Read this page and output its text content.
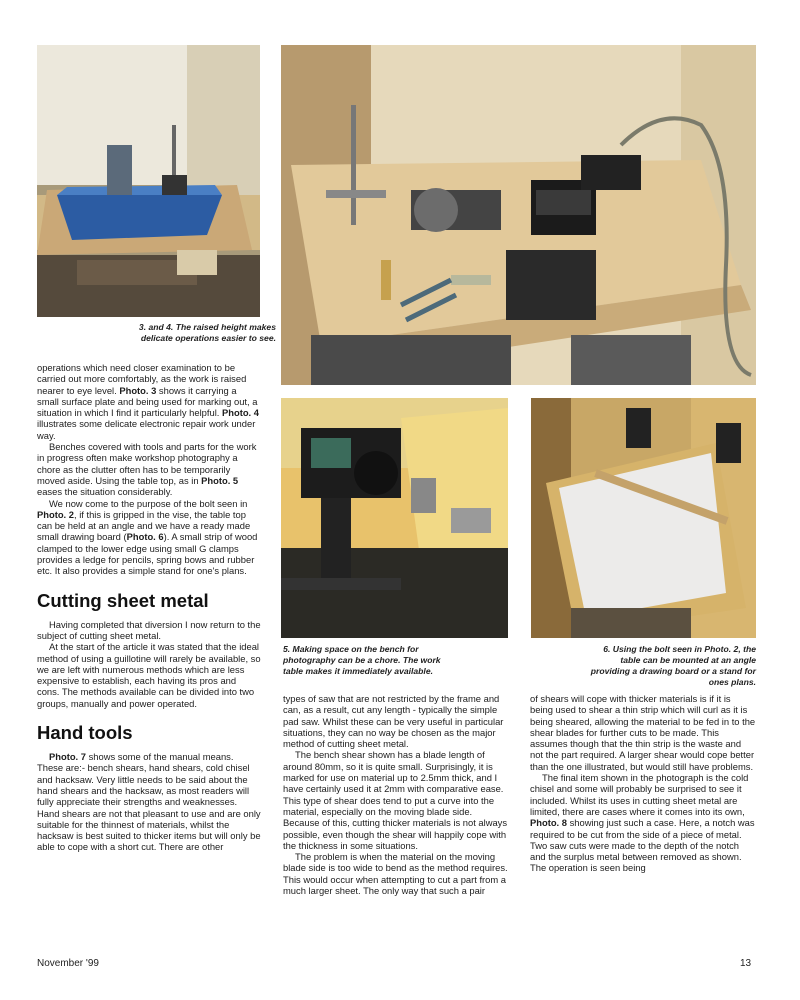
3. and 4. The raised height makes
delicate operations easier to see.
5. Making space on the bench for
photography can be a chore. The work
table makes it immediately available.
6. Using the bolt seen in Photo. 2, the
table can be mounted at an angle
providing a drawing board or a stand for
ones plans.

operations which need closer examination to be carried out more comfortably, as the work is raised nearer to eye level. Photo. 3 shows it carrying a small surface plate and being used for marking out, a situation in which I find it particularly helpful. Photo. 4 illustrates some delicate electronic repair work under way.

Benches covered with tools and parts for the work in progress often make workshop photography a chore as the clutter often has to be temporarily moved aside. Using the table top, as in Photo. 5 eases the situation considerably.

We now come to the purpose of the bolt seen in Photo. 2, if this is gripped in the vise, the table top can be held at an angle and we have a ready made small drawing board (Photo. 6). A small strip of wood clamped to the lower edge using small G clamps provides a ledge for pencils, spring bows and rubber etc. It also provides a simple stand for one's plans.

Cutting sheet metal

Having completed that diversion I now return to the subject of cutting sheet metal.

At the start of the article it was stated that the ideal method of using a guillotine will rarely be available, so we are left with numerous methods which are less expensive to establish, each having its pros and cons. The methods available can be divided into two groups, manually and power operated.

Hand tools

Photo. 7 shows some of the manual means. These are:- bench shears, hand shears, cold chisel and hacksaw. Very little needs to be said about the hand shears and the hacksaw, as most readers will fully appreciate their strengths and weaknesses. Hand shears are not that pleasant to use and are only suitable for the thinnest of materials, whilst the hacksaw is best suited to thicker items but will only be able to cope with a short cut. There are other

types of saw that are not restricted by the frame and can, as a result, cut any length - typically the simple pad saw. Whilst these can be very useful in particular situations, they can no way be chosen as the major method of cutting sheet metal.

The bench shear shown has a blade length of around 80mm, so it is quite small. Surprisingly, it is marked for use on material up to 2.5mm thick, and I have certainly used it at 2mm with comparative ease. This type of shear does tend to put a curve into the material, especially on the moving blade side. Because of this, cutting thicker materials is not always possible, even though the shear will happily cope with the thickness in some situations.

The problem is when the material on the moving blade side is too wide to bend as the method requires. This would occur when attempting to cut a part from a much larger sheet. The only way that such a pair

of shears will cope with thicker materials is if it is being used to shear a thin strip which will curl as it is being sheared, allowing the material to be fed in to the shear blades for further cuts to be made. This assumes though that the thin strip is the waste and not the part required. A larger shear would cope better than the one illustrated, but would still have problems.

The final item shown in the photograph is the cold chisel and some will probably be surprised to see it included. Whilst its uses in cutting sheet metal are limited, there are cases where it comes into its own, Photo. 8 showing just such a case. Here, a notch was required to be cut from the side of a piece of metal. Two saw cuts were made to the depth of the notch and the surplus metal between removed as shown. The operation is seen being

November '99	13
